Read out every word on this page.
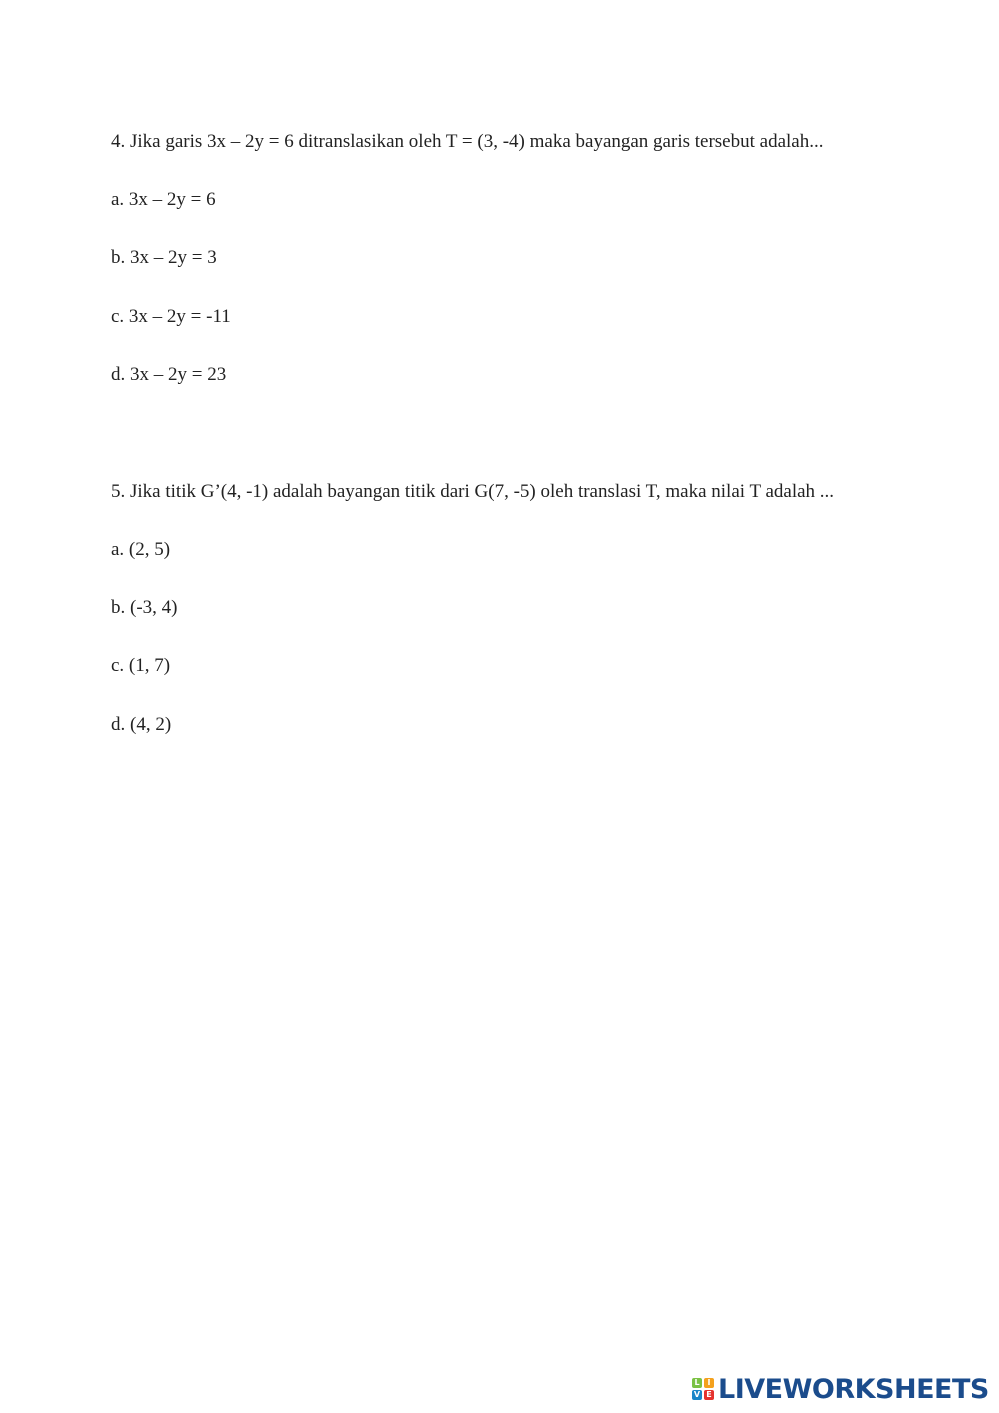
4. Jika garis 3x – 2y = 6 ditranslasikan oleh T = (3, -4) maka bayangan garis tersebut adalah...
a. 3x – 2y = 6
b. 3x – 2y = 3
c. 3x – 2y = -11
d. 3x – 2y = 23
5. Jika titik G’(4, -1) adalah bayangan titik dari G(7, -5) oleh translasi T, maka nilai T adalah ...
a. (2, 5)
b. (-3, 4)
c. (1, 7)
d. (4, 2)
L I
V E LIVEWORKSHEETS
